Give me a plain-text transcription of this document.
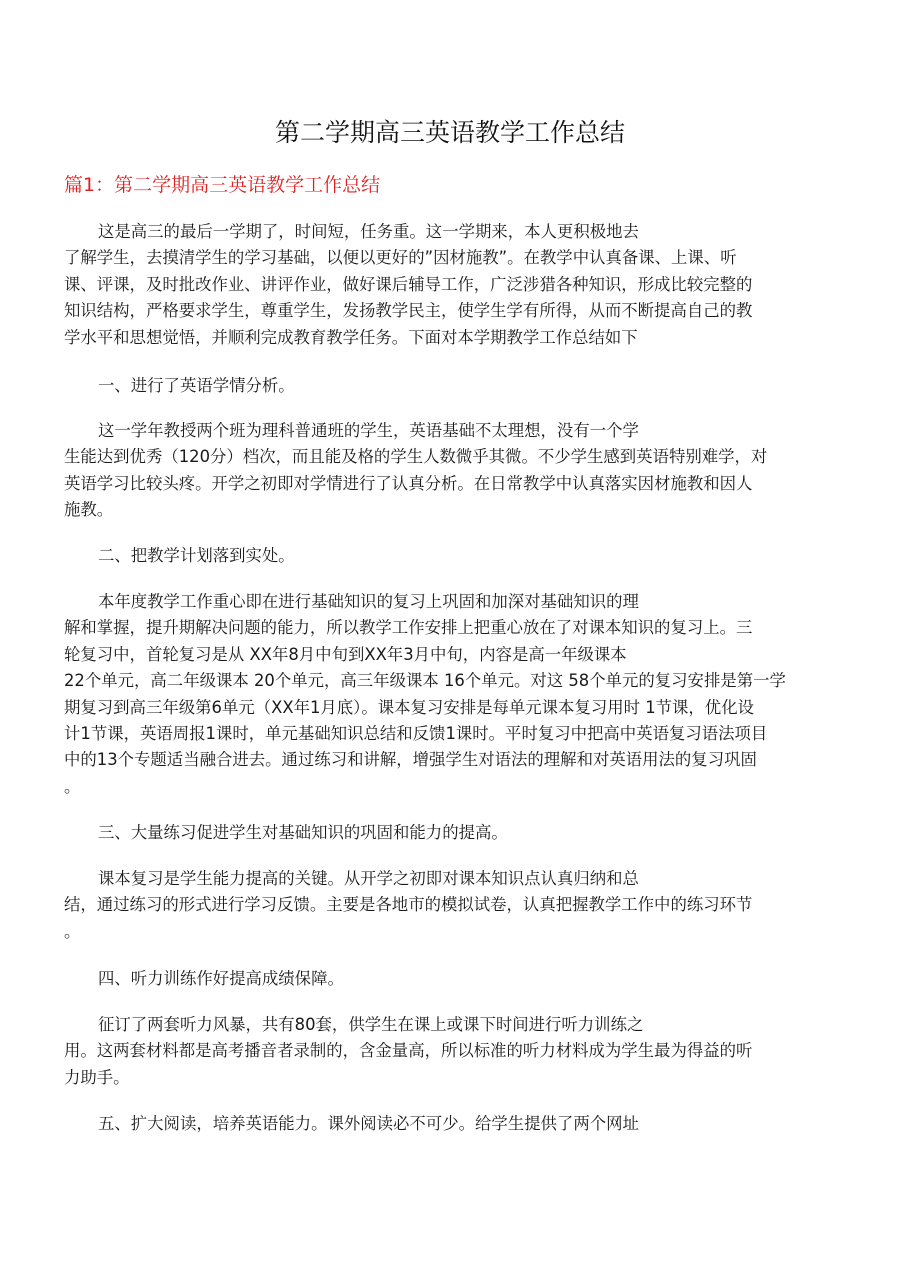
第二学期高三英语教学工作总结
篇1：第二学期高三英语教学工作总结
这是高三的最后一学期了，时间短，任务重。这一学期来，本人更积极地去
了解学生，去摸清学生的学习基础，以便以更好的”因材施教”。在教学中认真备课、上课、听
课、评课，及时批改作业、讲评作业，做好课后辅导工作，广泛涉猎各种知识，形成比较完整的
知识结构，严格要求学生，尊重学生，发扬教学民主，使学生学有所得，从而不断提高自己的教
学水平和思想觉悟，并顺利完成教育教学任务。下面对本学期教学工作总结如下
一、进行了英语学情分析。
这一学年教授两个班为理科普通班的学生，英语基础不太理想，没有一个学
生能达到优秀（120分）档次，而且能及格的学生人数微乎其微。不少学生感到英语特别难学，对
英语学习比较头疼。开学之初即对学情进行了认真分析。在日常教学中认真落实因材施教和因人
施教。
二、把教学计划落到实处。
本年度教学工作重心即在进行基础知识的复习上巩固和加深对基础知识的理
解和掌握，提升期解决问题的能力，所以教学工作安排上把重心放在了对课本知识的复习上。三
轮复习中，首轮复习是从 XX年8月中旬到XX年3月中旬，内容是高一年级课本
22个单元，高二年级课本 20个单元，高三年级课本 16个单元。对这 58个单元的复习安排是第一学
期复习到高三年级第6单元（XX年1月底）。课本复习安排是每单元课本复习用时 1节课，优化设
计1节课，英语周报1课时，单元基础知识总结和反馈1课时。平时复习中把高中英语复习语法项目
中的13个专题适当融合进去。通过练习和讲解，增强学生对语法的理解和对英语用法的复习巩固
。
三、大量练习促进学生对基础知识的巩固和能力的提高。
课本复习是学生能力提高的关键。从开学之初即对课本知识点认真归纳和总
结，通过练习的形式进行学习反馈。主要是各地市的模拟试卷，认真把握教学工作中的练习环节
。
四、听力训练作好提高成绩保障。
征订了两套听力风暴，共有80套，供学生在课上或课下时间进行听力训练之
用。这两套材料都是高考播音者录制的，含金量高，所以标准的听力材料成为学生最为得益的听
力助手。
五、扩大阅读，培养英语能力。课外阅读必不可少。给学生提供了两个网址
